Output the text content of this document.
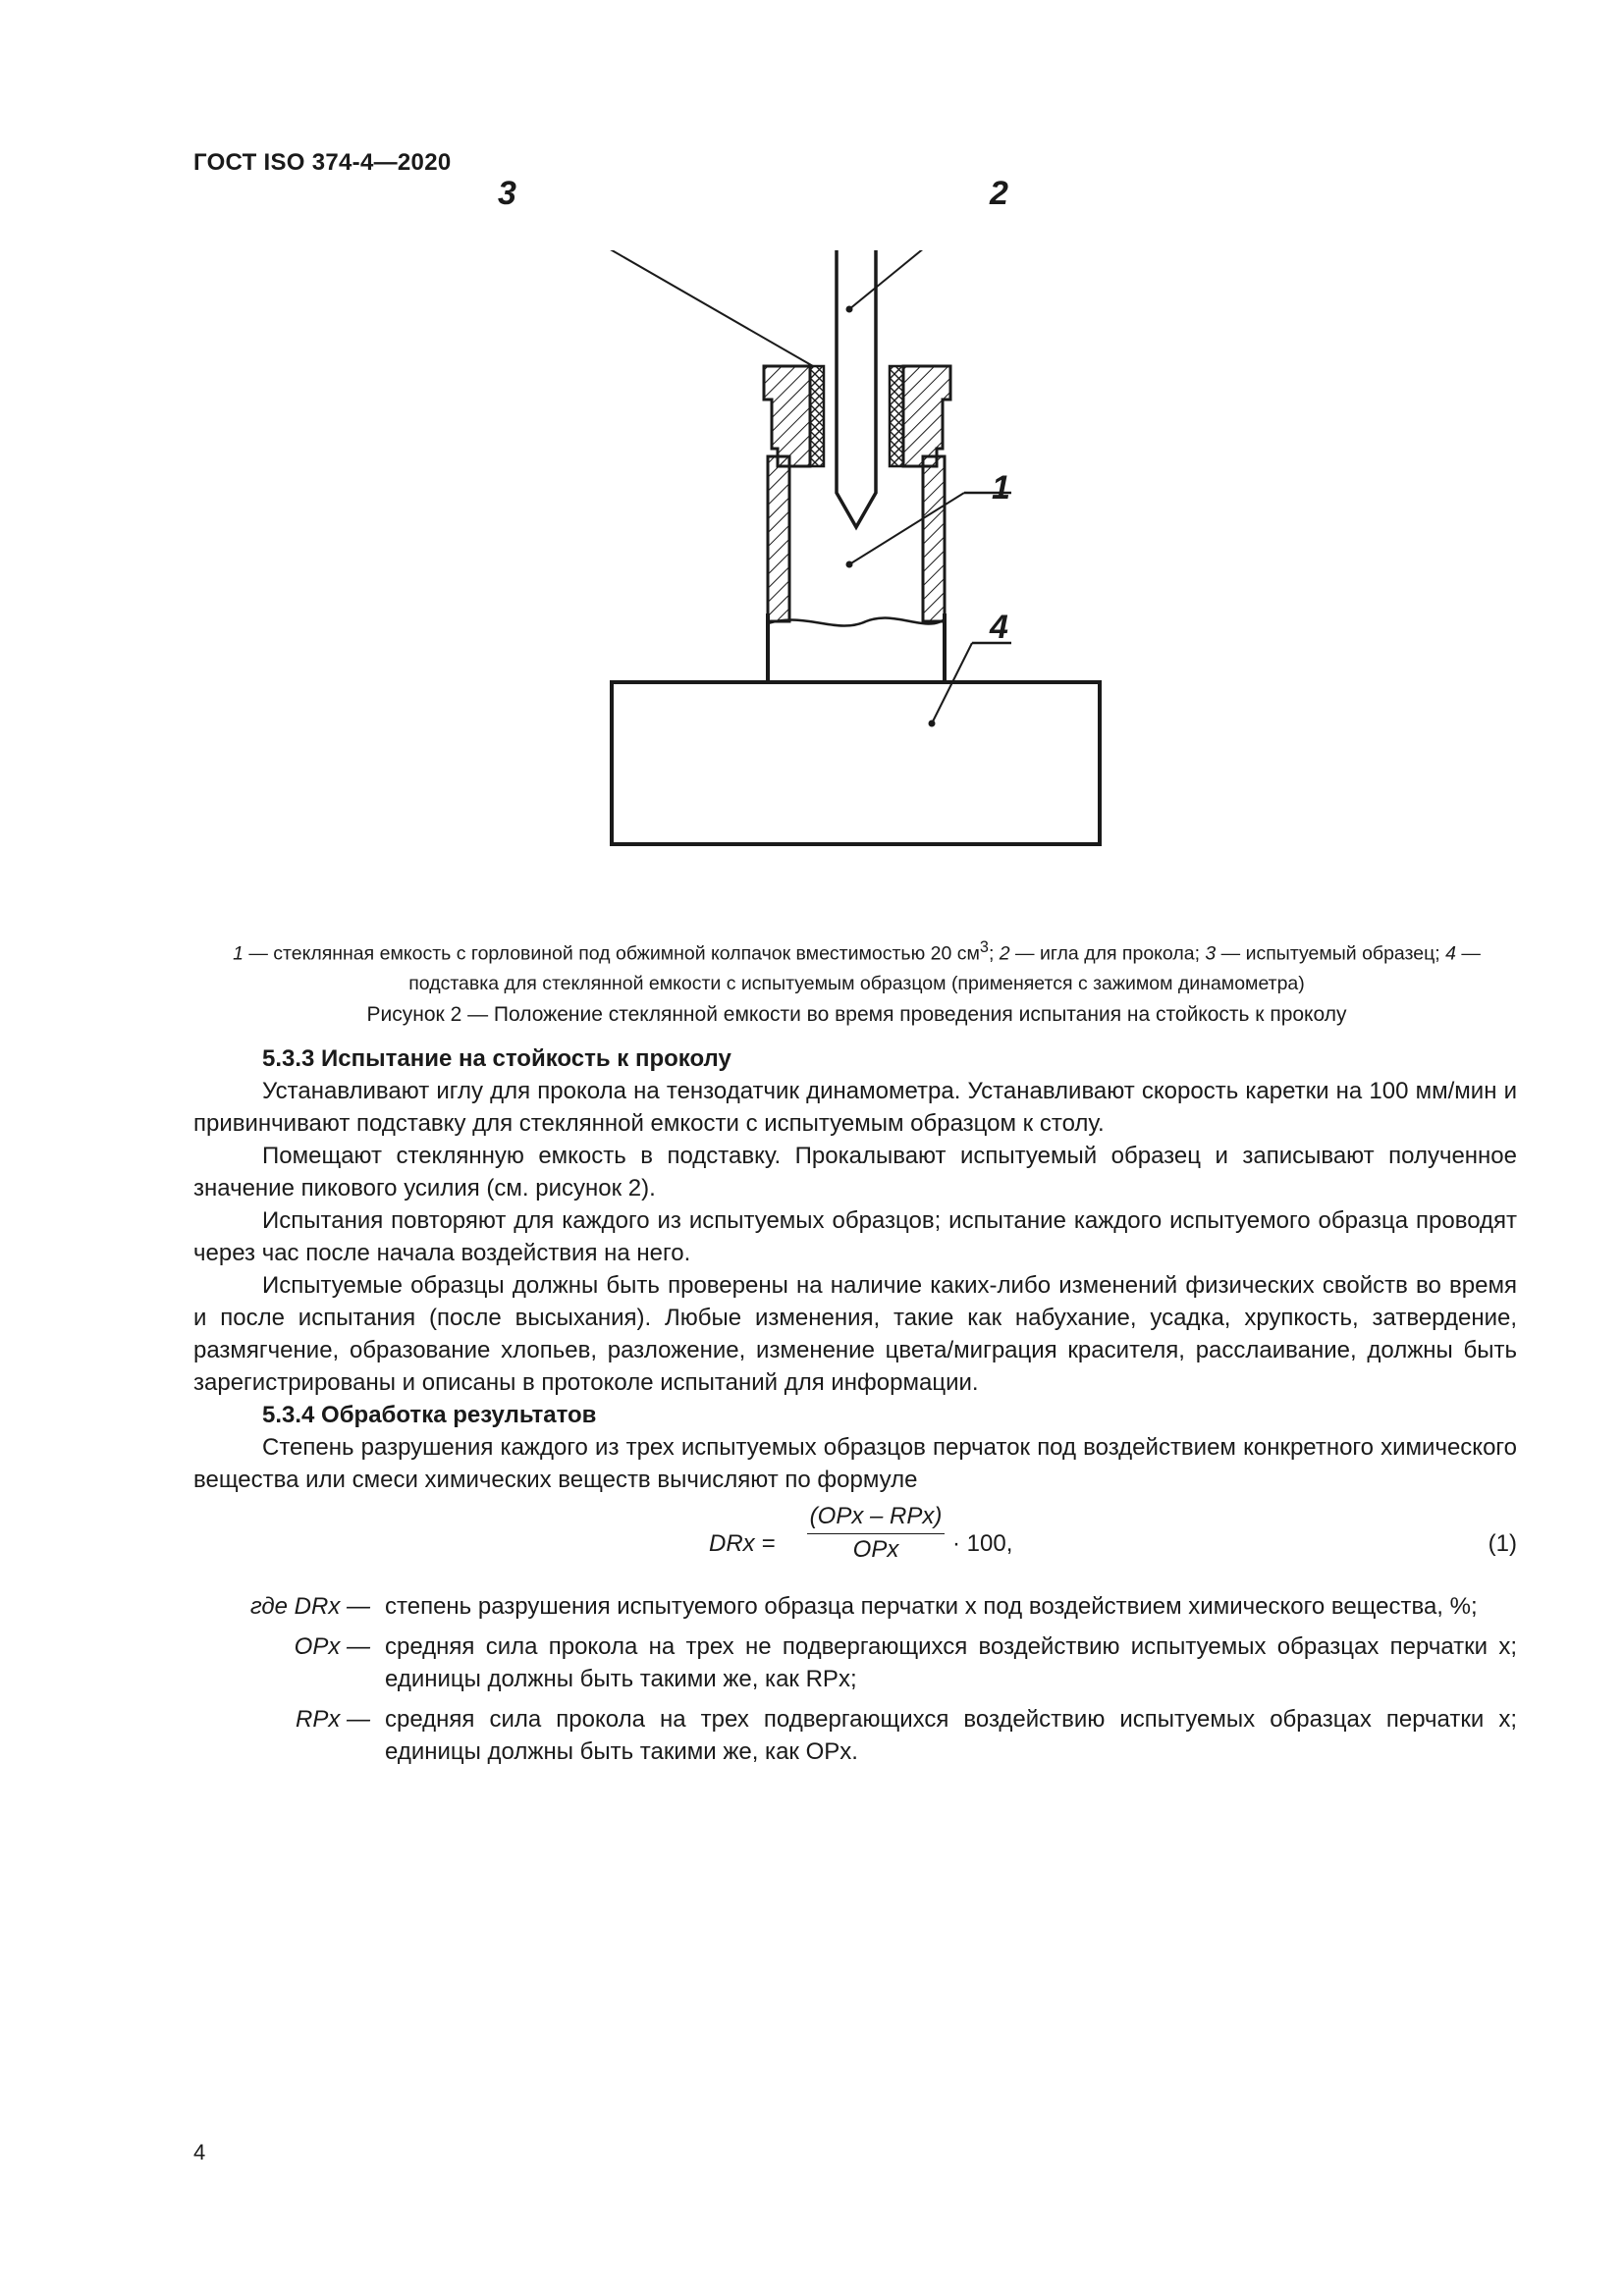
ГОСТ ISO 374-4—2020
3	2
1
4
1 — стеклянная емкость с горловиной под обжимной колпачок вместимостью 20 $см^3$; 2 — игла для прокола; 3 — испытуемый образец; 4 — подставка для стеклянной емкости с испытуемым образцом (применяется с зажимом динамометра)
Рисунок 2 — Положение стеклянной емкости во время проведения испытания на стойкость к проколу
5.3.3 Испытание на стойкость к проколу

Устанавливают иглу для прокола на тензодатчик динамометра. Устанавливают скорость каретки на 100 мм/мин и привинчивают подставку для стеклянной емкости с испытуемым образцом к столу.

Помещают стеклянную емкость в подставку. Прокалывают испытуемый образец и записывают полученное значение пикового усилия (см. рисунок 2).

Испытания повторяют для каждого из испытуемых образцов; испытание каждого испытуемого образца проводят через час после начала воздействия на него.

Испытуемые образцы должны быть проверены на наличие каких-либо изменений физических свойств во время и после испытания (после высыхания). Любые изменения, такие как набухание, усадка, хрупкость, затвердение, размягчение, образование хлопьев, разложение, изменение цвета/миграция красителя, расслаивание, должны быть зарегистрированы и описаны в протоколе испытаний для информации.

5.3.4 Обработка результатов

Степень разрушения каждого из трех испытуемых образцов перчаток под воздействием конкретного химического вещества или смеси химических веществ вычисляют по формуле

DRx =
(OPx – RPx)
OPx	· 100,	(1)
где DRx — степень разрушения испытуемого образца перчатки x под воздействием химического вещества, %;
OPx — средняя сила прокола на трех не подвергающихся воздействию испытуемых образцах перчатки x; единицы должны быть такими же, как RPx;
RPx — средняя сила прокола на трех подвергающихся воздействию испытуемых образцах перчатки x; единицы должны быть такими же, как OPx.
4
